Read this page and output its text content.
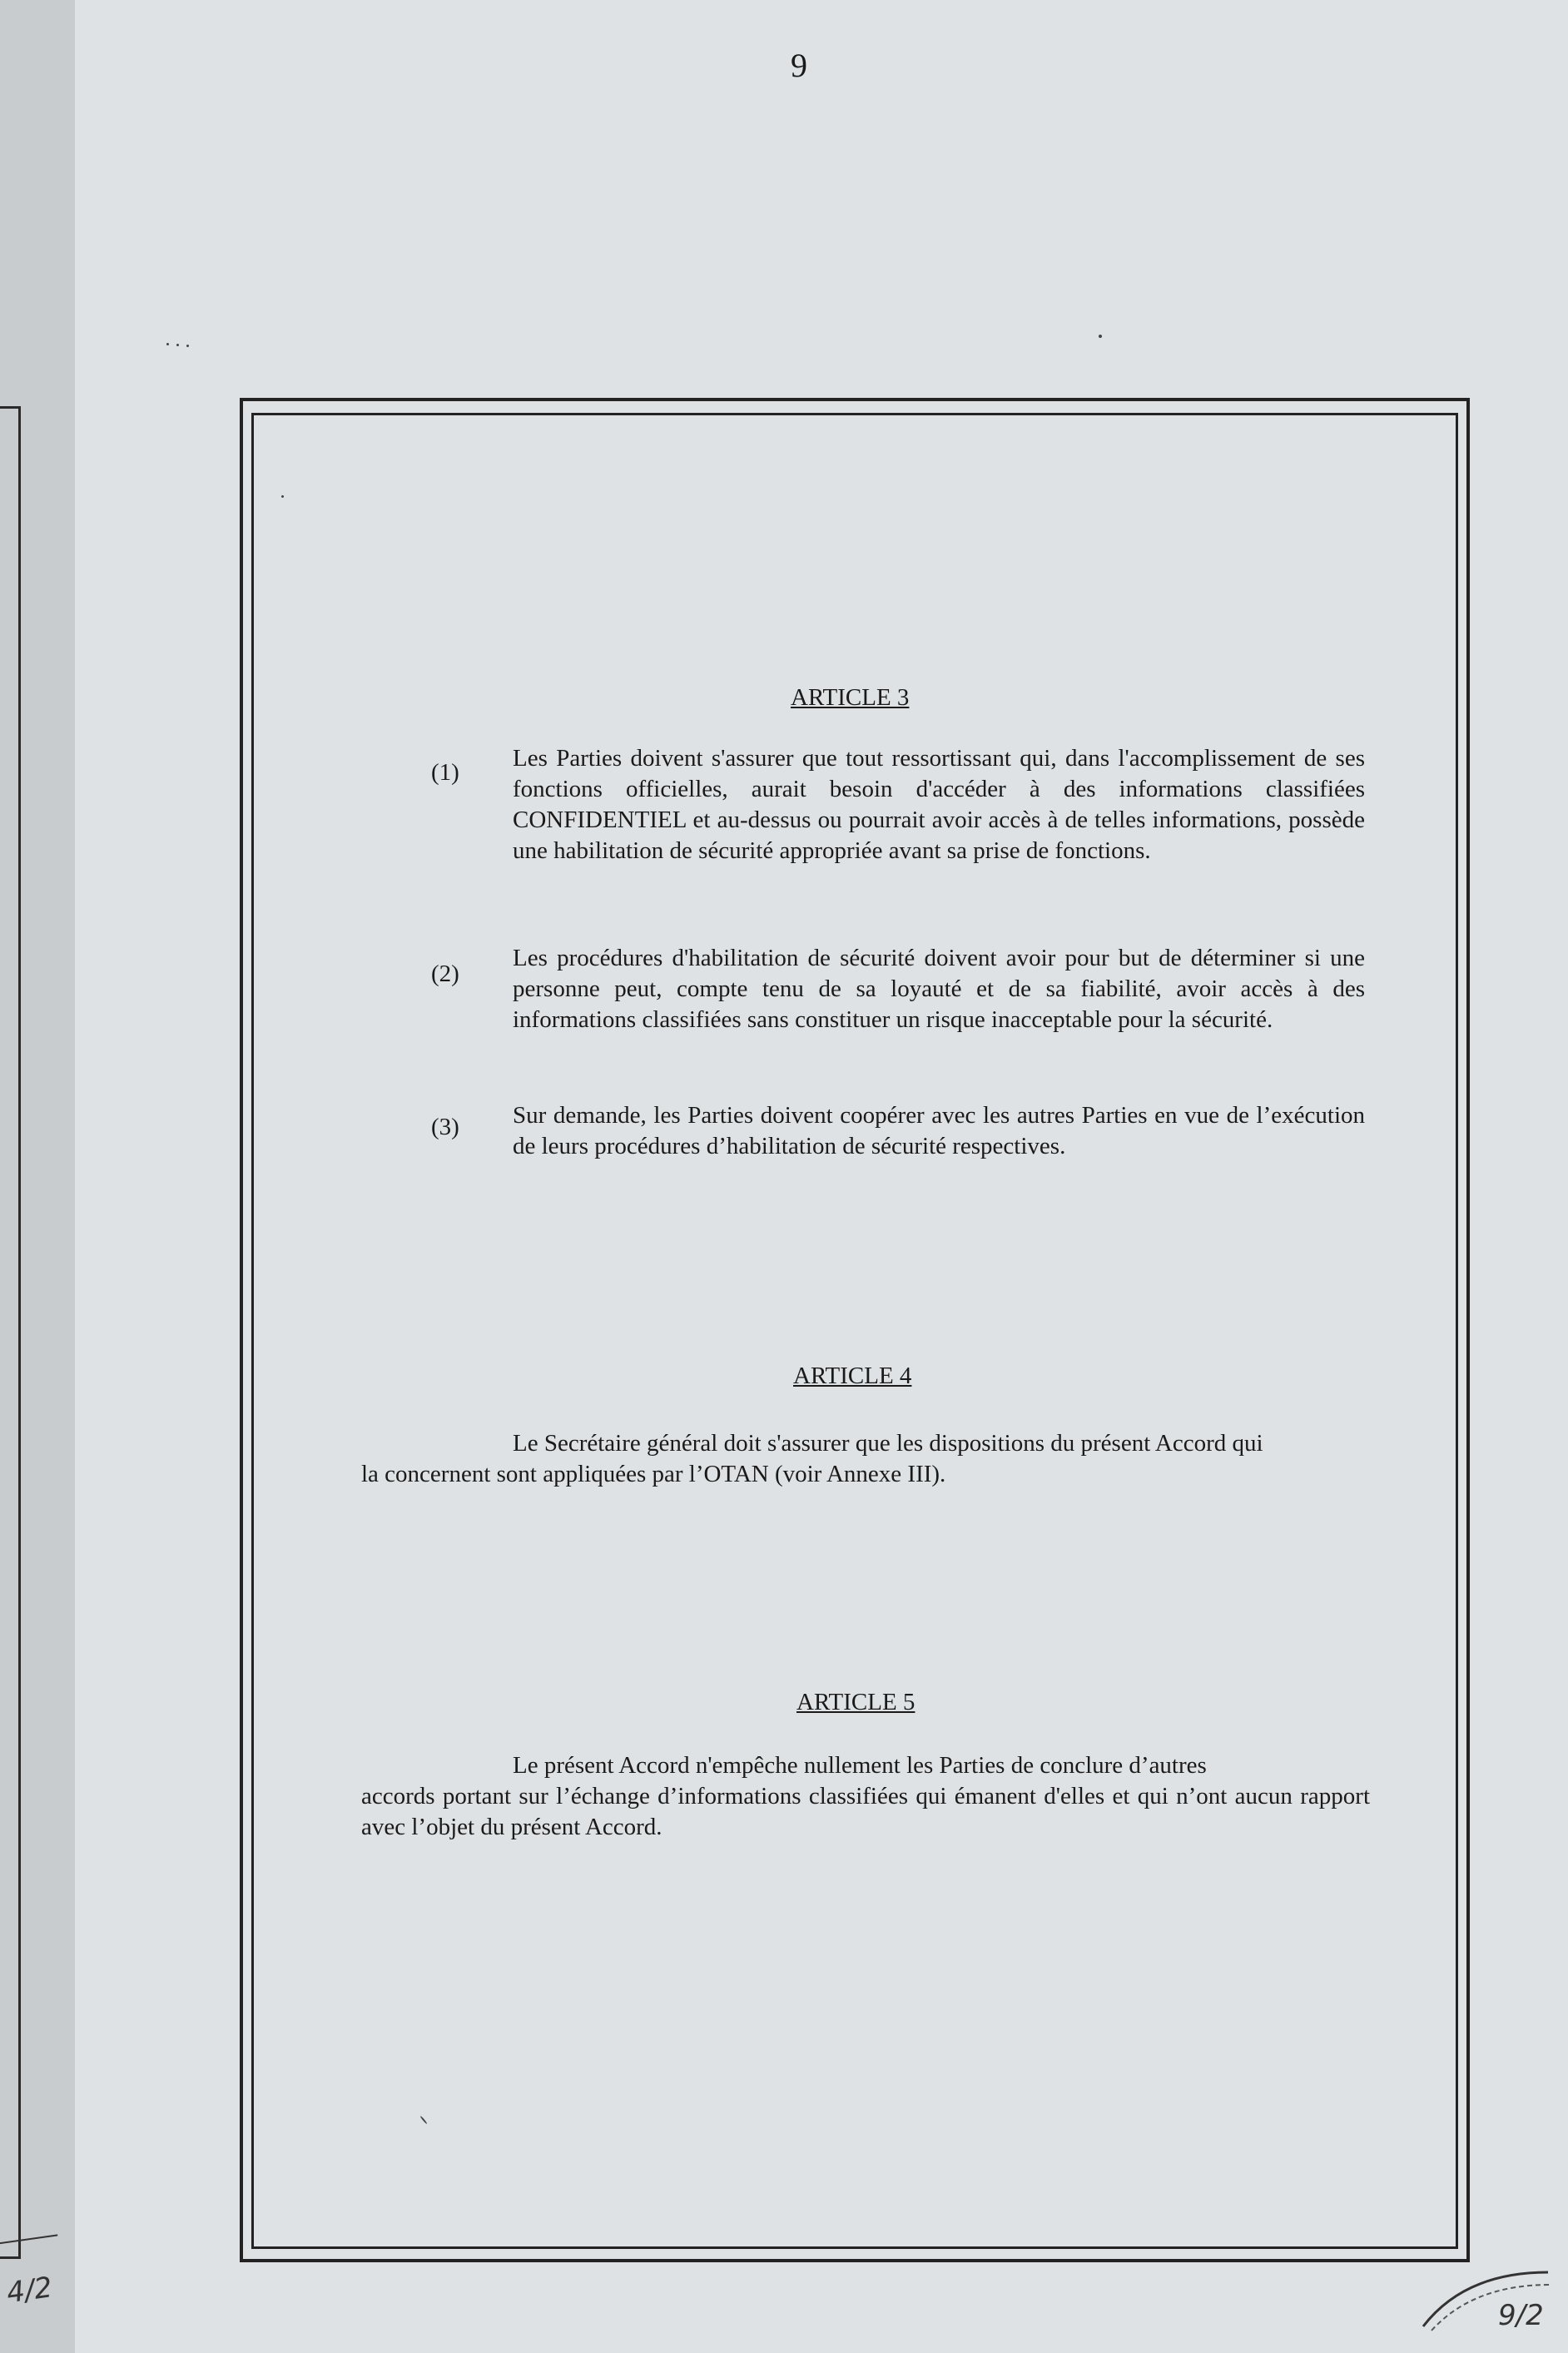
4/2
9
ARTICLE 3
(1)
Les Parties doivent s'assurer que tout ressortissant qui, dans l'accomplissement de ses fonctions officielles, aurait besoin d'accéder à des informations classifiées CONFIDENTIEL et au-dessus ou pourrait avoir accès à de telles informations, possède une habilitation de sécurité appropriée avant sa prise de fonctions.
(2)
Les procédures d'habilitation de sécurité doivent avoir pour but de déterminer si une personne peut, compte tenu de sa loyauté et de sa fiabilité, avoir accès à des informations classifiées sans constituer un risque inacceptable pour la sécurité.
(3) Sur demande, les Parties doivent coopérer avec les autres Parties en vue de l’exécution de leurs procédures d’habilitation de sécurité respectives.
ARTICLE 4
Le Secrétaire général doit s'assurer que les dispositions du présent Accord qui
la concernent sont appliquées par l’OTAN (voir Annexe III).
ARTICLE 5
Le présent Accord n'empêche nullement les Parties de conclure d’autres
accords portant sur l’échange d’informations classifiées qui émanent d'elles et qui n’ont aucun rapport avec l’objet du présent Accord.
9/2
